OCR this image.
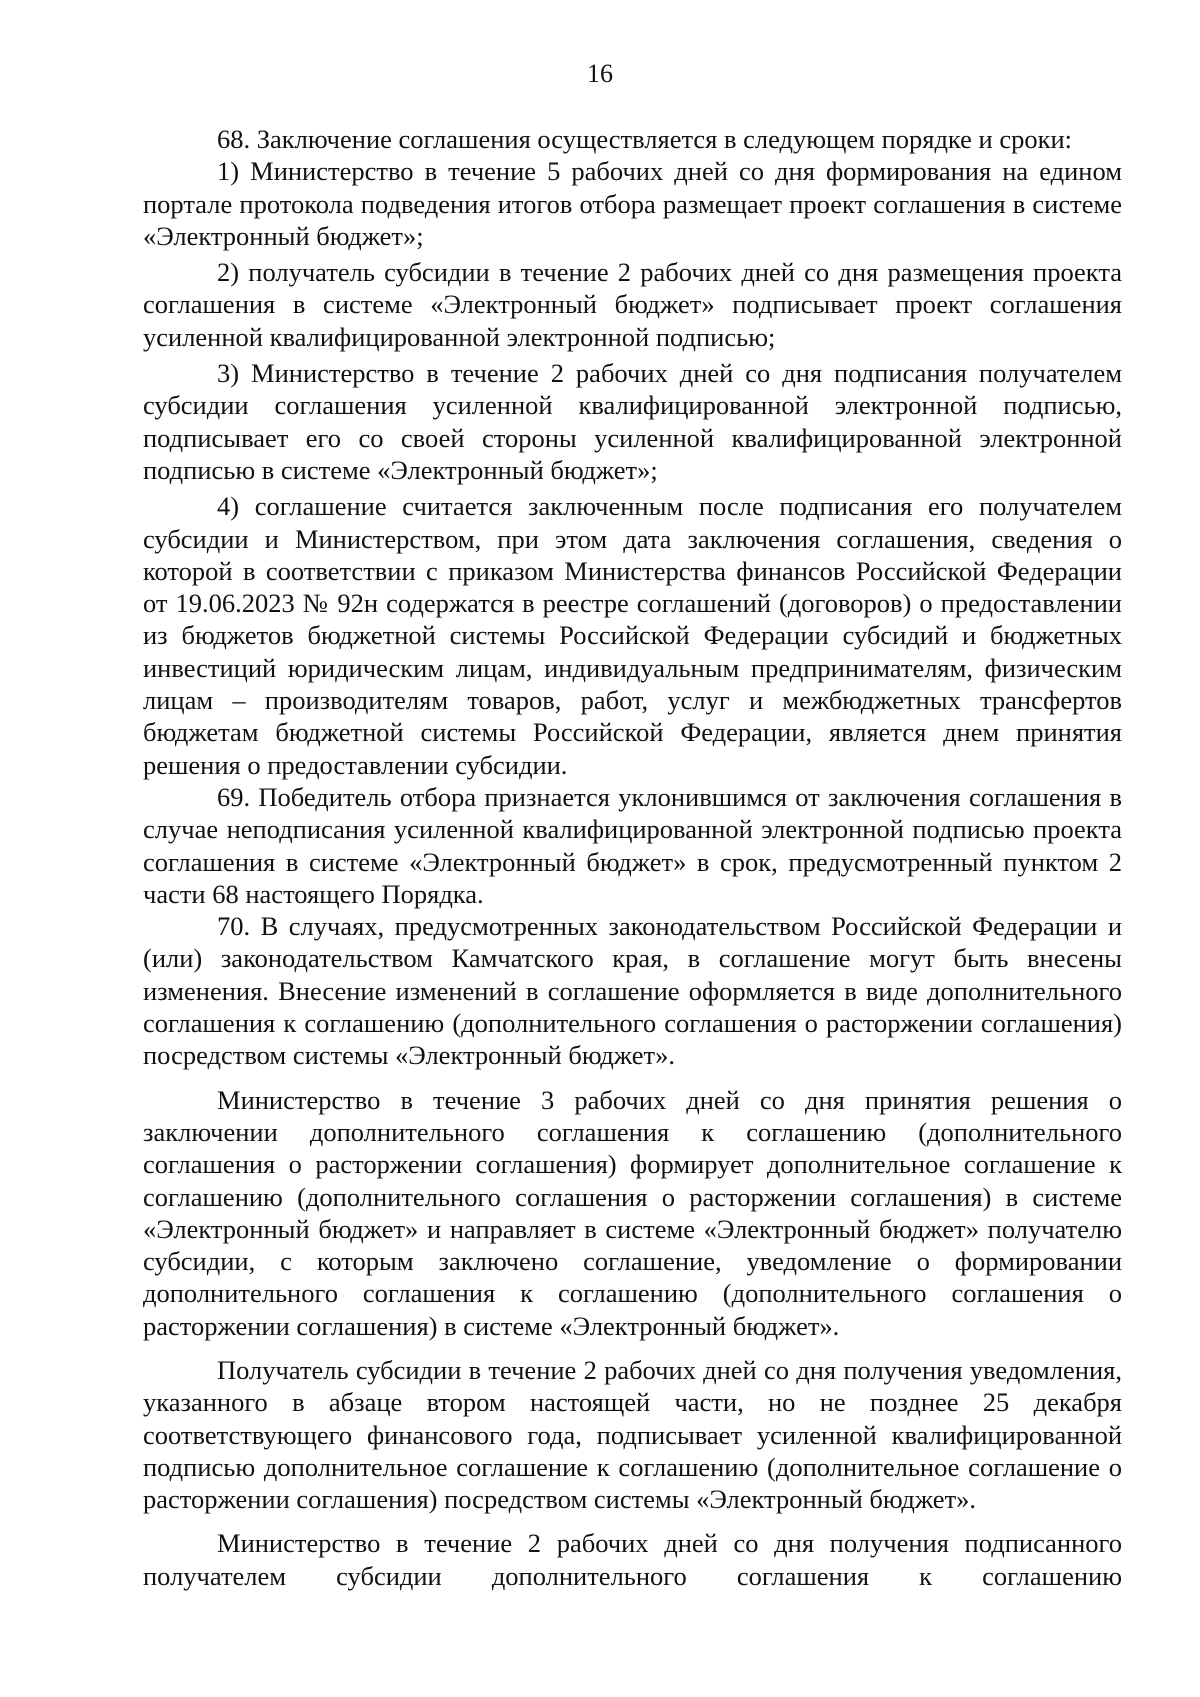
16

68. Заключение соглашения осуществляется в следующем порядке и сроки:

1) Министерство в течение 5 рабочих дней со дня формирования на едином портале протокола подведения итогов отбора размещает проект соглашения в системе «Электронный бюджет»;

2) получатель субсидии в течение 2 рабочих дней со дня размещения проекта соглашения в системе «Электронный бюджет» подписывает проект соглашения усиленной квалифицированной электронной подписью;

3) Министерство в течение 2 рабочих дней со дня подписания получателем субсидии соглашения усиленной квалифицированной электронной подписью, подписывает его со своей стороны усиленной квалифицированной электронной подписью в системе «Электронный бюджет»;

4) соглашение считается заключенным после подписания его получателем субсидии и Министерством, при этом дата заключения соглашения, сведения о которой в соответствии с приказом Министерства финансов Российской Федерации от 19.06.2023 № 92н содержатся в реестре соглашений (договоров) о предоставлении из бюджетов бюджетной системы Российской Федерации субсидий и бюджетных инвестиций юридическим лицам, индивидуальным предпринимателям, физическим лицам – производителям товаров, работ, услуг и межбюджетных трансфертов бюджетам бюджетной системы Российской Федерации, является днем принятия решения о предоставлении субсидии.

69. Победитель отбора признается уклонившимся от заключения соглашения в случае неподписания усиленной квалифицированной электронной подписью проекта соглашения в системе «Электронный бюджет» в срок, предусмотренный пунктом 2 части 68 настоящего Порядка.

70. В случаях, предусмотренных законодательством Российской Федерации и (или) законодательством Камчатского края, в соглашение могут быть внесены изменения. Внесение изменений в соглашение оформляется в виде дополнительного соглашения к соглашению (дополнительного соглашения о расторжении соглашения) посредством системы «Электронный бюджет».

Министерство в течение 3 рабочих дней со дня принятия решения о заключении дополнительного соглашения к соглашению (дополнительного соглашения о расторжении соглашения) формирует дополнительное соглашение к соглашению (дополнительного соглашения о расторжении соглашения) в системе «Электронный бюджет» и направляет в системе «Электронный бюджет» получателю субсидии, с которым заключено соглашение, уведомление о формировании дополнительного соглашения к соглашению (дополнительного соглашения о расторжении соглашения) в системе «Электронный бюджет».

Получатель субсидии в течение 2 рабочих дней со дня получения уведомления, указанного в абзаце втором настоящей части, но не позднее 25 декабря соответствующего финансового года, подписывает усиленной квалифицированной подписью дополнительное соглашение к соглашению (дополнительное соглашение о расторжении соглашения) посредством системы «Электронный бюджет».

Министерство в течение 2 рабочих дней со дня получения подписанного получателем субсидии дополнительного соглашения к соглашению
